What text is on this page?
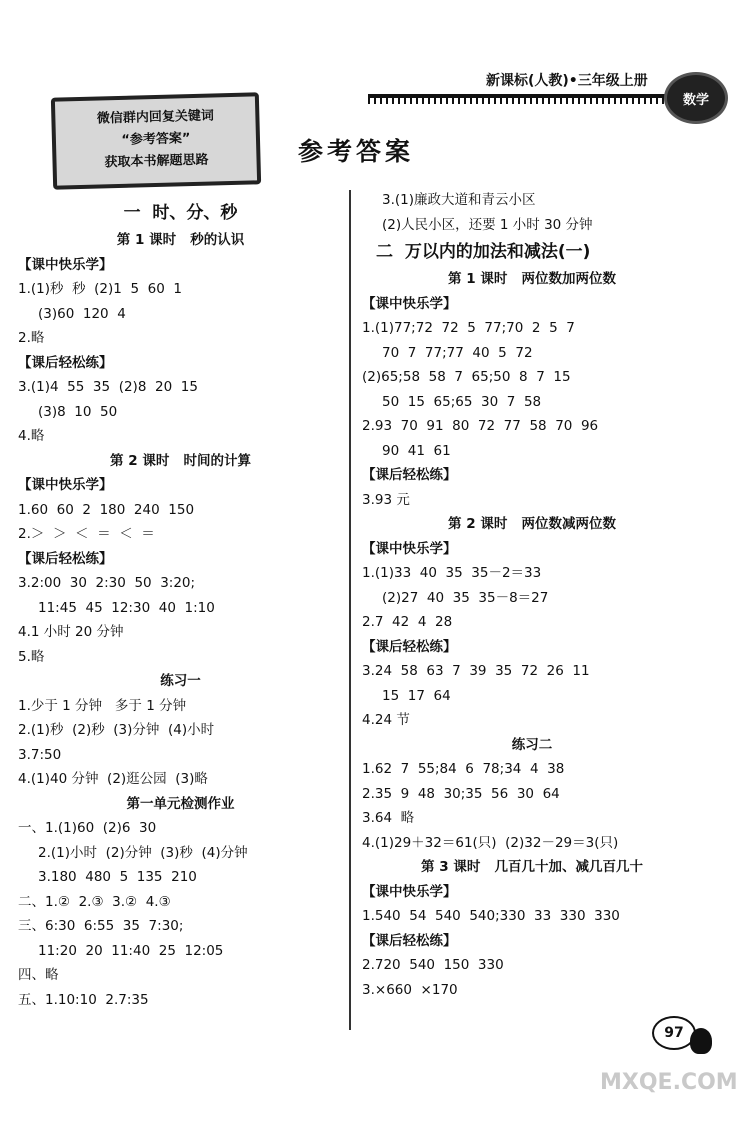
新课标(人教)•三年级上册
数学
微信群内回复关键词
“参考答案”
获取本书解题思路	参考答案
一  时、分、秒
第 1 课时   秒的认识
【课中快乐学】
1.(1)秒  秒  (2)1  5  60  1
(3)60  120  4
2.略
【课后轻松练】
3.(1)4  55  35  (2)8  20  15
(3)8  10  50
4.略
第 2 课时   时间的计算
【课中快乐学】
1.60  60  2  180  240  150
2.＞  ＞  ＜  ＝  ＜  ＝
【课后轻松练】
3.2:00  30  2:30  50  3:20;
11:45  45  12:30  40  1:10
4.1 小时 20 分钟
5.略
练习一
1.少于 1 分钟   多于 1 分钟
2.(1)秒  (2)秒  (3)分钟  (4)小时
3.7:50
4.(1)40 分钟  (2)逛公园  (3)略
第一单元检测作业
一、1.(1)60  (2)6  30
2.(1)小时  (2)分钟  (3)秒  (4)分钟
3.180  480  5  135  210
二、1.②  2.③  3.②  4.③
三、6:30  6:55  35  7:30;
11:20  20  11:40  25  12:05
四、略
五、1.10:10  2.7:35
3.(1)廉政大道和青云小区
(2)人民小区，还要 1 小时 30 分钟
二  万以内的加法和减法(一)
第 1 课时   两位数加两位数
【课中快乐学】
1.(1)77;72  72  5  77;70  2  5  7
70  7  77;77  40  5  72
(2)65;58  58  7  65;50  8  7  15
50  15  65;65  30  7  58
2.93  70  91  80  72  77  58  70  96
90  41  61
【课后轻松练】
3.93 元
第 2 课时   两位数减两位数
【课中快乐学】
1.(1)33  40  35  35－2＝33
(2)27  40  35  35－8＝27
2.7  42  4  28
【课后轻松练】
3.24  58  63  7  39  35  72  26  11
15  17  64
4.24 节
练习二
1.62  7  55;84  6  78;34  4  38
2.35  9  48  30;35  56  30  64
3.64  略
4.(1)29＋32＝61(只)  (2)32－29＝3(只)
第 3 课时   几百几十加、减几百几十
【课中快乐学】
1.540  54  540  540;330  33  330  330
【课后轻松练】
2.720  540  150  330
3.×660  ×170
97
MXQE.COM
